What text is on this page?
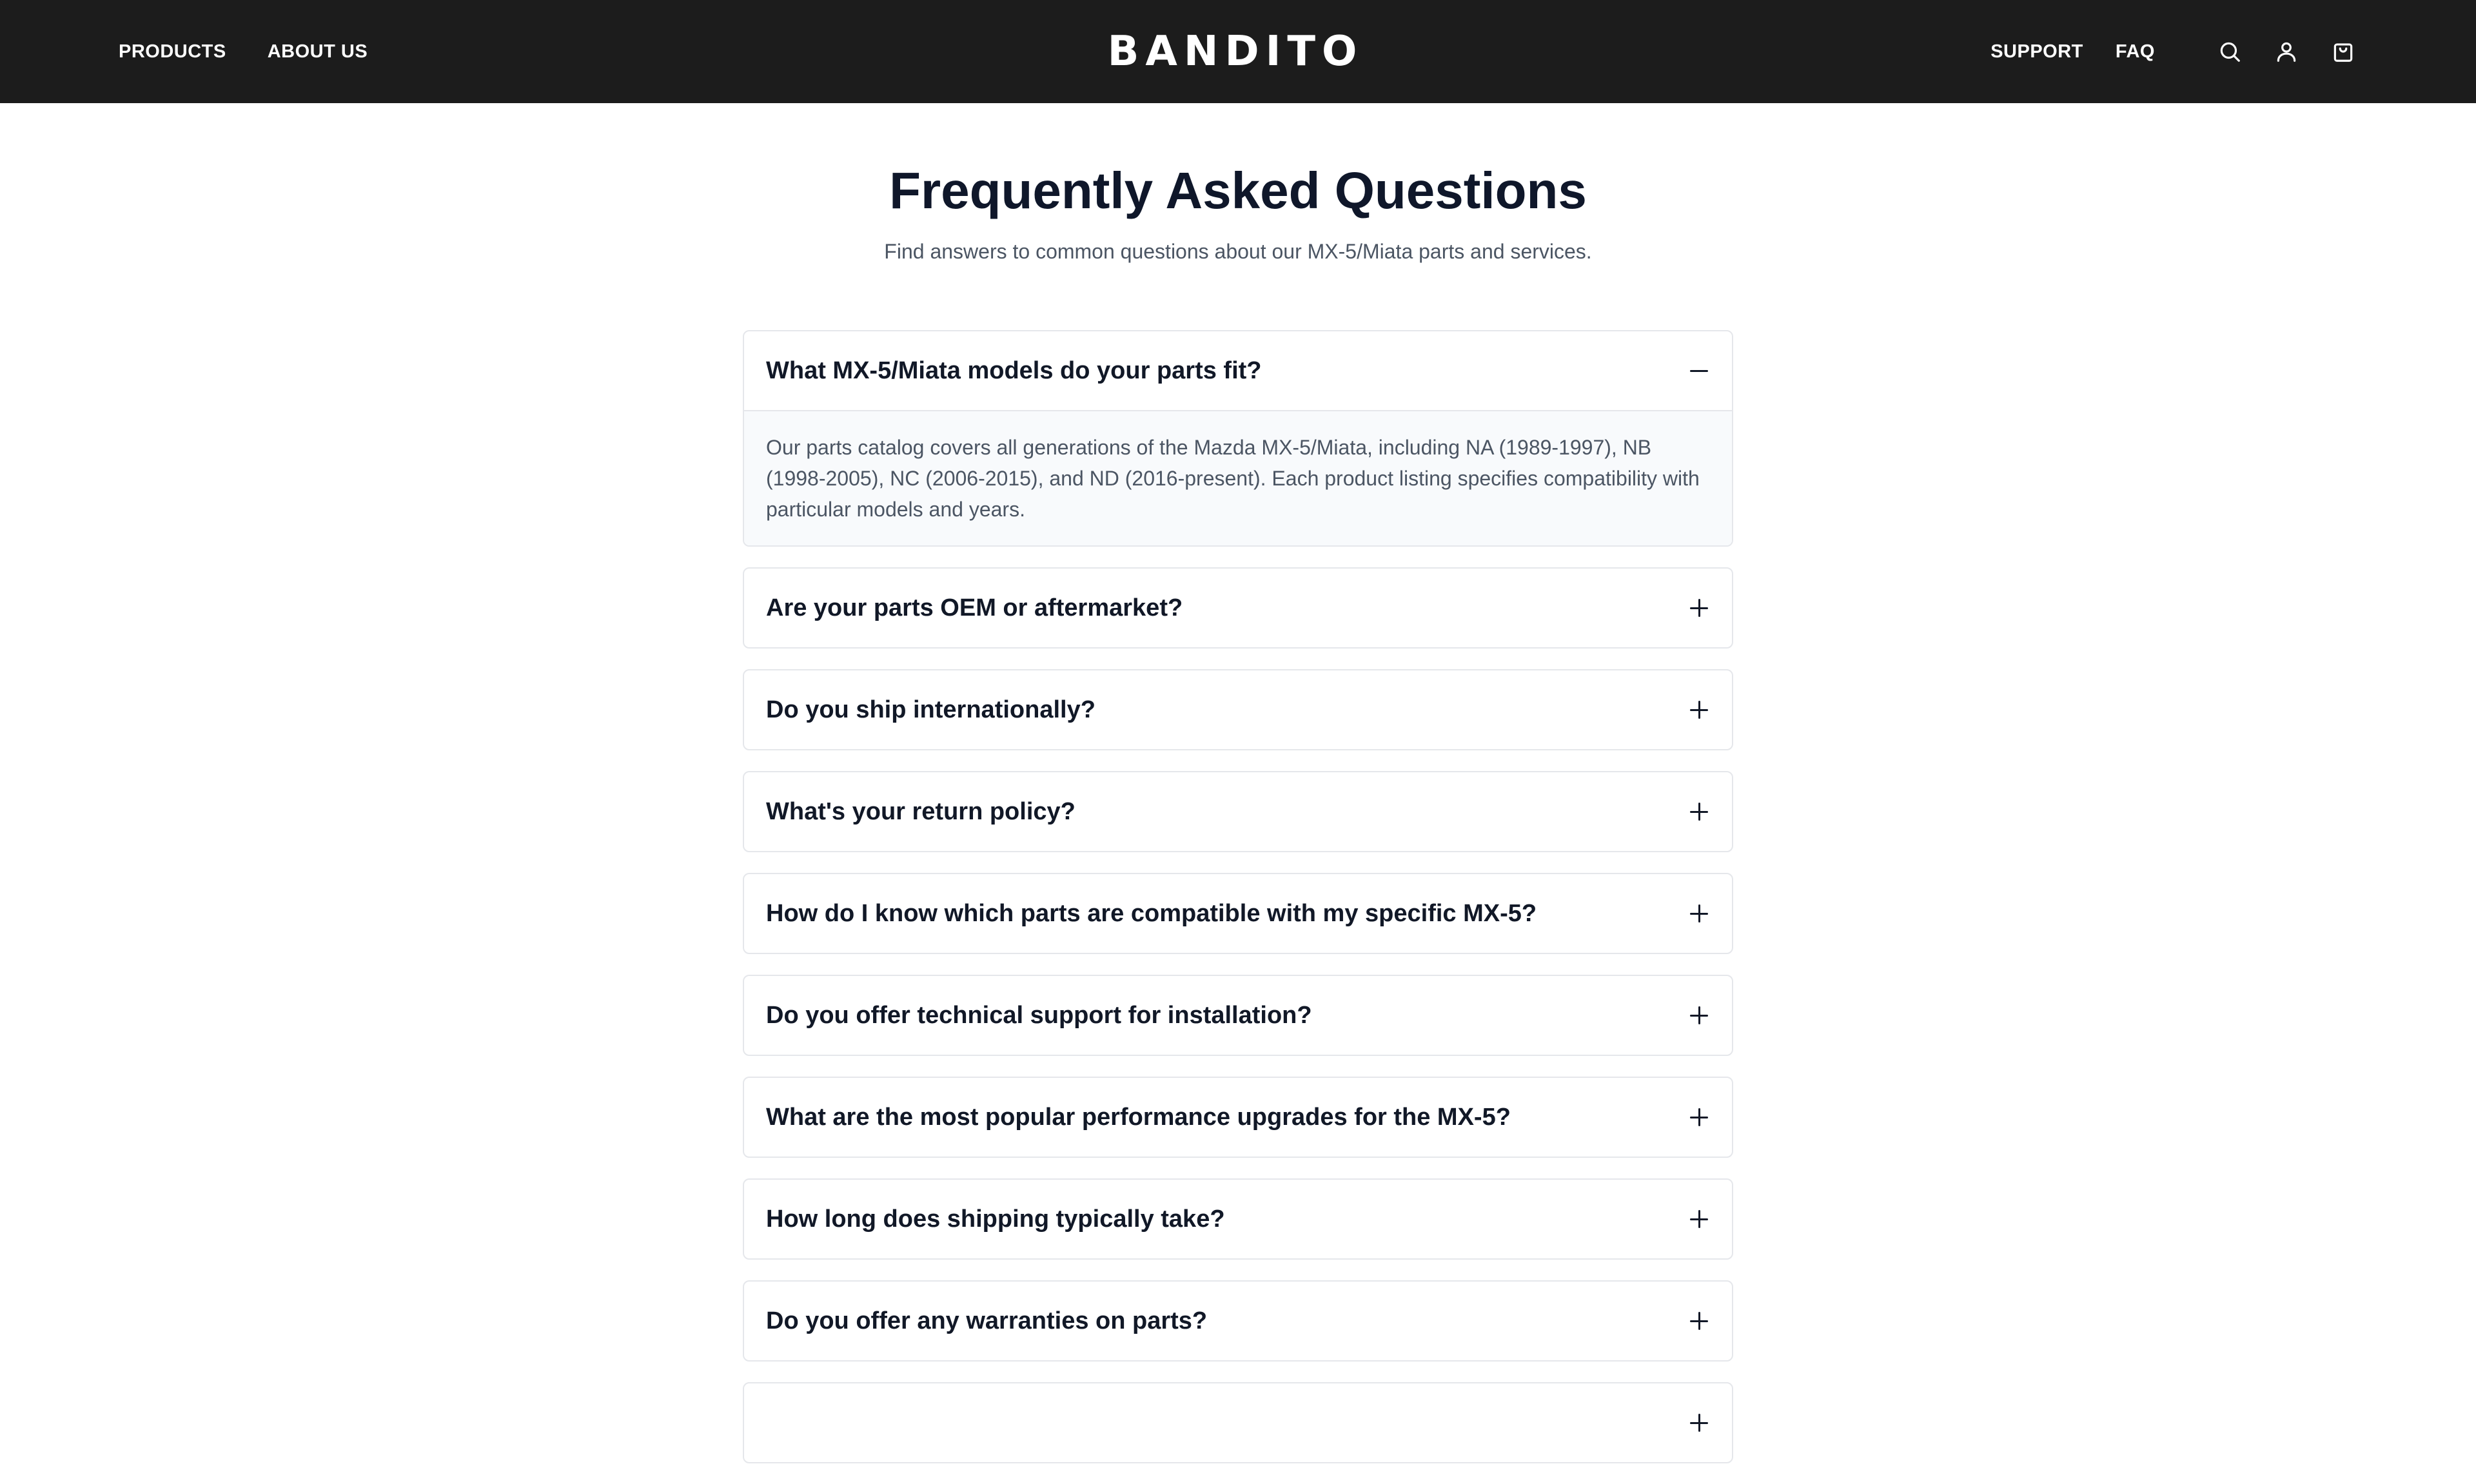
PRODUCTS ABOUT US	BANDITO	SUPPORT FAQ
Frequently Asked Questions

Find answers to common questions about our MX-5/Miata parts and services.

What MX-5/Miata models do your parts fit?
Our parts catalog covers all generations of the Mazda MX-5/Miata, including NA (1989-1997), NB (1998-2005), NC (2006-2015), and ND (2016-present). Each product listing specifies compatibility with particular models and years.
Are your parts OEM or aftermarket?
Do you ship internationally?
What's your return policy?
How do I know which parts are compatible with my specific MX-5?
Do you offer technical support for installation?
What are the most popular performance upgrades for the MX-5?
How long does shipping typically take?
Do you offer any warranties on parts?
